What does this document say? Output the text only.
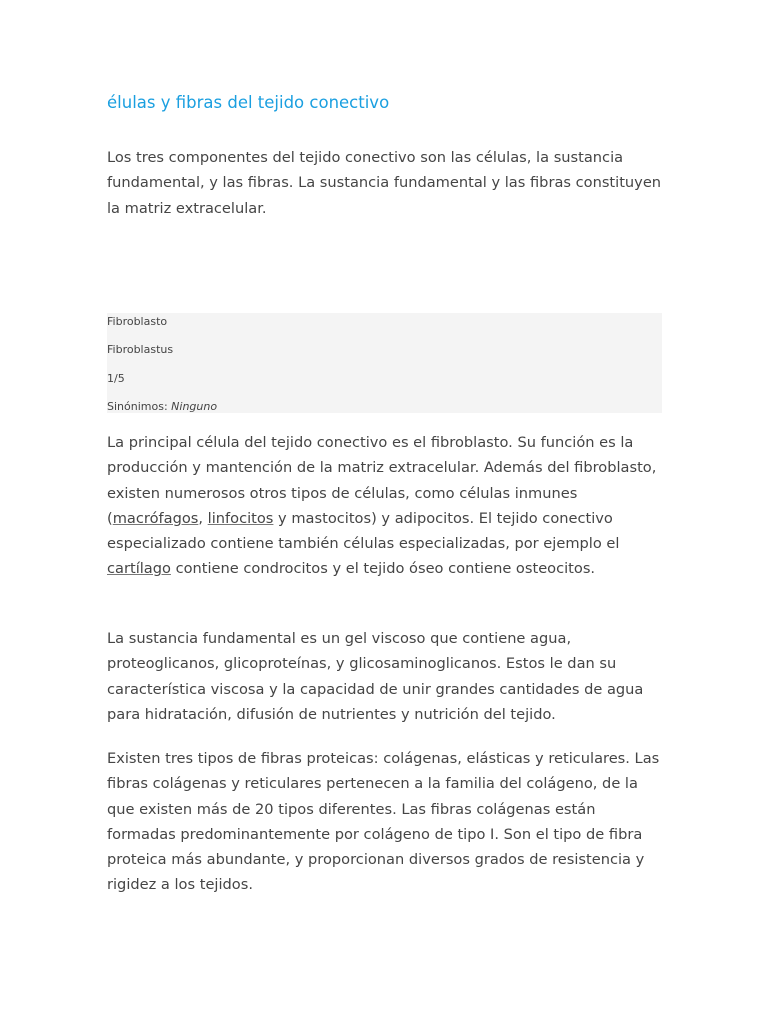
élulas y fibras del tejido conectivo

Los tres componentes del tejido conectivo son las células, la sustancia fundamental, y las fibras. La sustancia fundamental y las fibras constituyen la matriz extracelular.

Fibroblasto
Fibroblastus
1/5
Sinónimos: Ninguno

La principal célula del tejido conectivo es el fibroblasto. Su función es la producción y mantención de la matriz extracelular. Además del fibroblasto, existen numerosos otros tipos de células, como células inmunes (macrófagos, linfocitos y mastocitos) y adipocitos. El tejido conectivo especializado contiene también células especializadas, por ejemplo el cartílago contiene condrocitos y el tejido óseo contiene osteocitos.

La sustancia fundamental es un gel viscoso que contiene agua, proteoglicanos, glicoproteínas, y glicosaminoglicanos. Estos le dan su característica viscosa y la capacidad de unir grandes cantidades de agua para hidratación, difusión de nutrientes y nutrición del tejido.

Existen tres tipos de fibras proteicas: colágenas, elásticas y reticulares. Las fibras colágenas y reticulares pertenecen a la familia del colágeno, de la que existen más de 20 tipos diferentes. Las fibras colágenas están formadas predominantemente por colágeno de tipo I. Son el tipo de fibra proteica más abundante, y proporcionan diversos grados de resistencia y rigidez a los tejidos.
